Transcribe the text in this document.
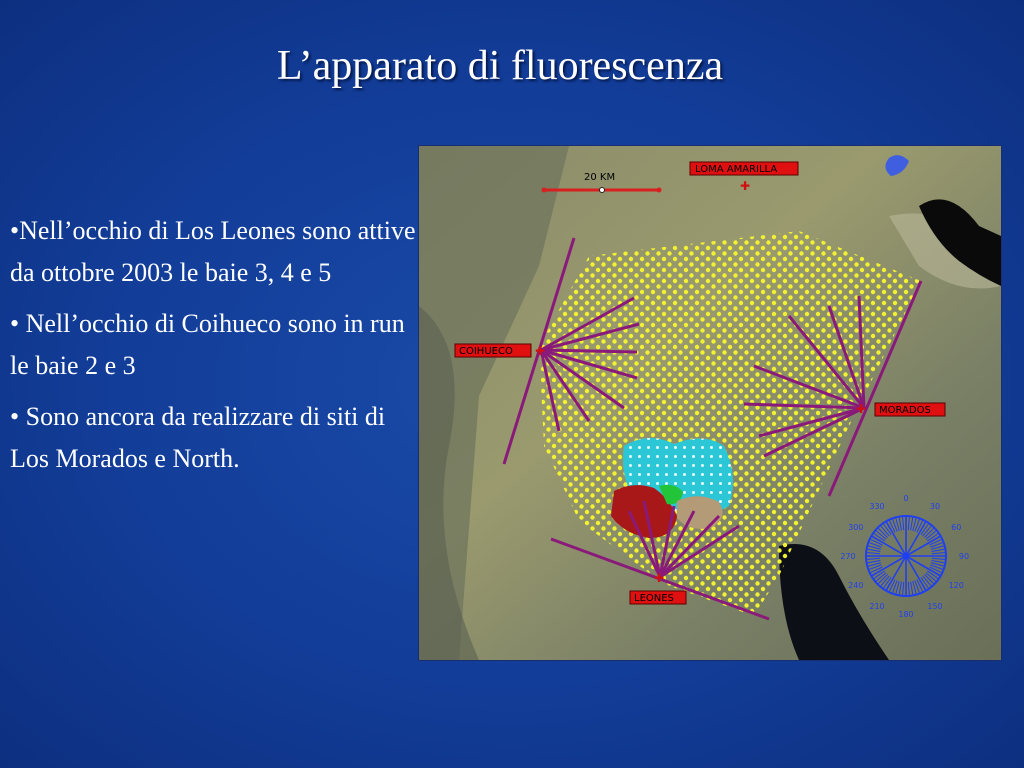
L’apparato di fluorescenza

•Nell’occhio di Los Leones sono attive da ottobre 2003 le baie 3, 4 e 5

• Nell’occhio di Coihueco sono in run le baie 2 e 3

• Sono ancora da realizzare di siti di Los Morados e North.

20 KM
LOMA AMARILLA
✚
COIHUECO ✚
MORADOS
✚
LEONES
✚
0
30
60
90
120
150
180
210
240
270
300
330
